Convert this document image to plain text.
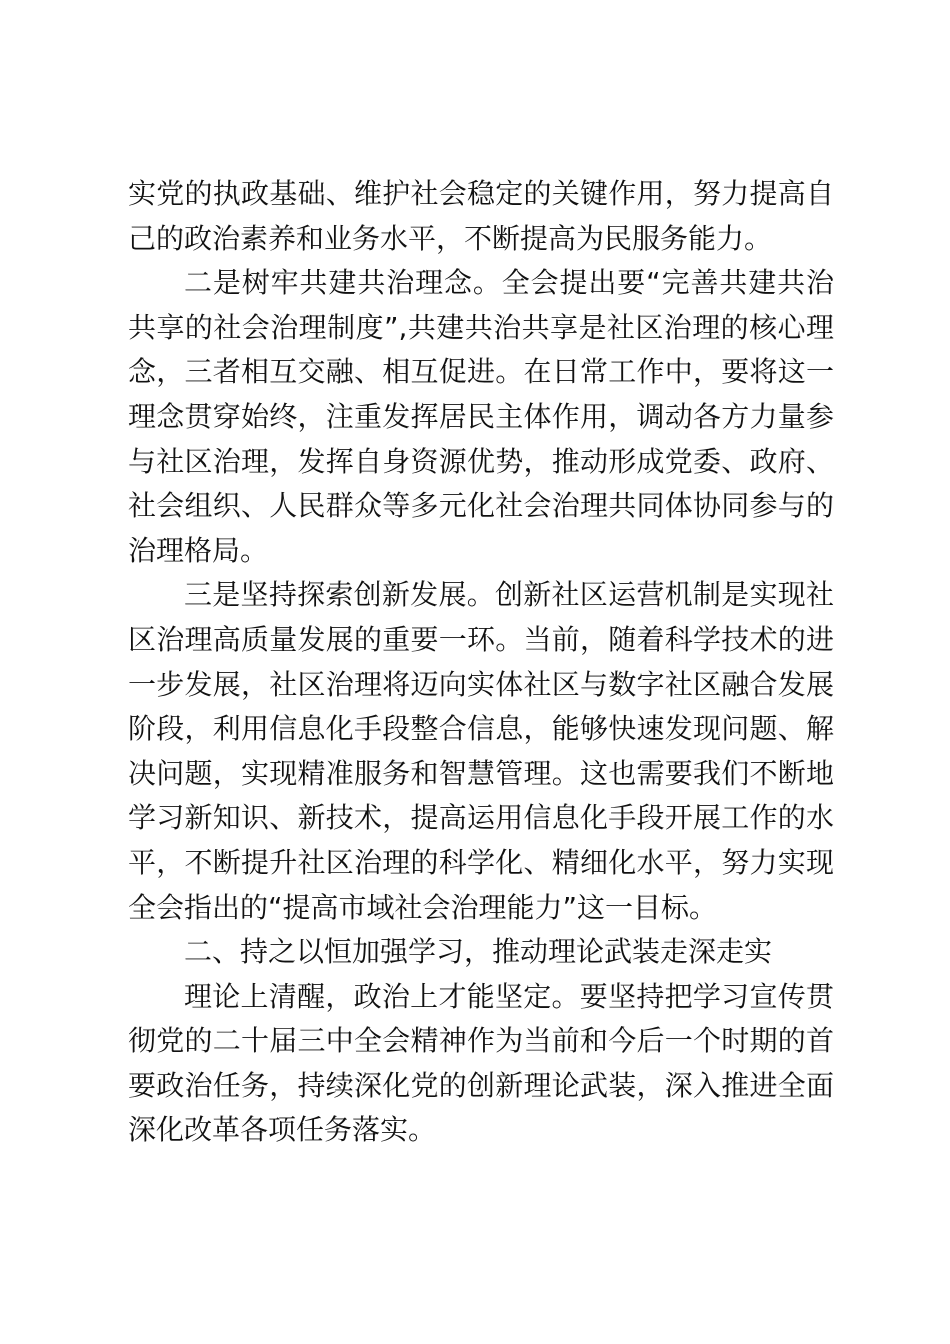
实党的执政基础、维护社会稳定的关键作用，努力提高自己的政治素养和业务水平，不断提高为民服务能力。

二是树牢共建共治理念。全会提出要“完善共建共治共享的社会治理制度”,共建共治共享是社区治理的核心理念，三者相互交融、相互促进。在日常工作中，要将这一理念贯穿始终，注重发挥居民主体作用，调动各方力量参与社区治理，发挥自身资源优势，推动形成党委、政府、社会组织、人民群众等多元化社会治理共同体协同参与的治理格局。

三是坚持探索创新发展。创新社区运营机制是实现社区治理高质量发展的重要一环。当前，随着科学技术的进一步发展，社区治理将迈向实体社区与数字社区融合发展阶段，利用信息化手段整合信息，能够快速发现问题、解决问题，实现精准服务和智慧管理。这也需要我们不断地学习新知识、新技术，提高运用信息化手段开展工作的水平，不断提升社区治理的科学化、精细化水平，努力实现全会指出的“提高市域社会治理能力”这一目标。

二、持之以恒加强学习，推动理论武装走深走实

理论上清醒，政治上才能坚定。要坚持把学习宣传贯彻党的二十届三中全会精神作为当前和今后一个时期的首要政治任务，持续深化党的创新理论武装，深入推进全面深化改革各项任务落实。
